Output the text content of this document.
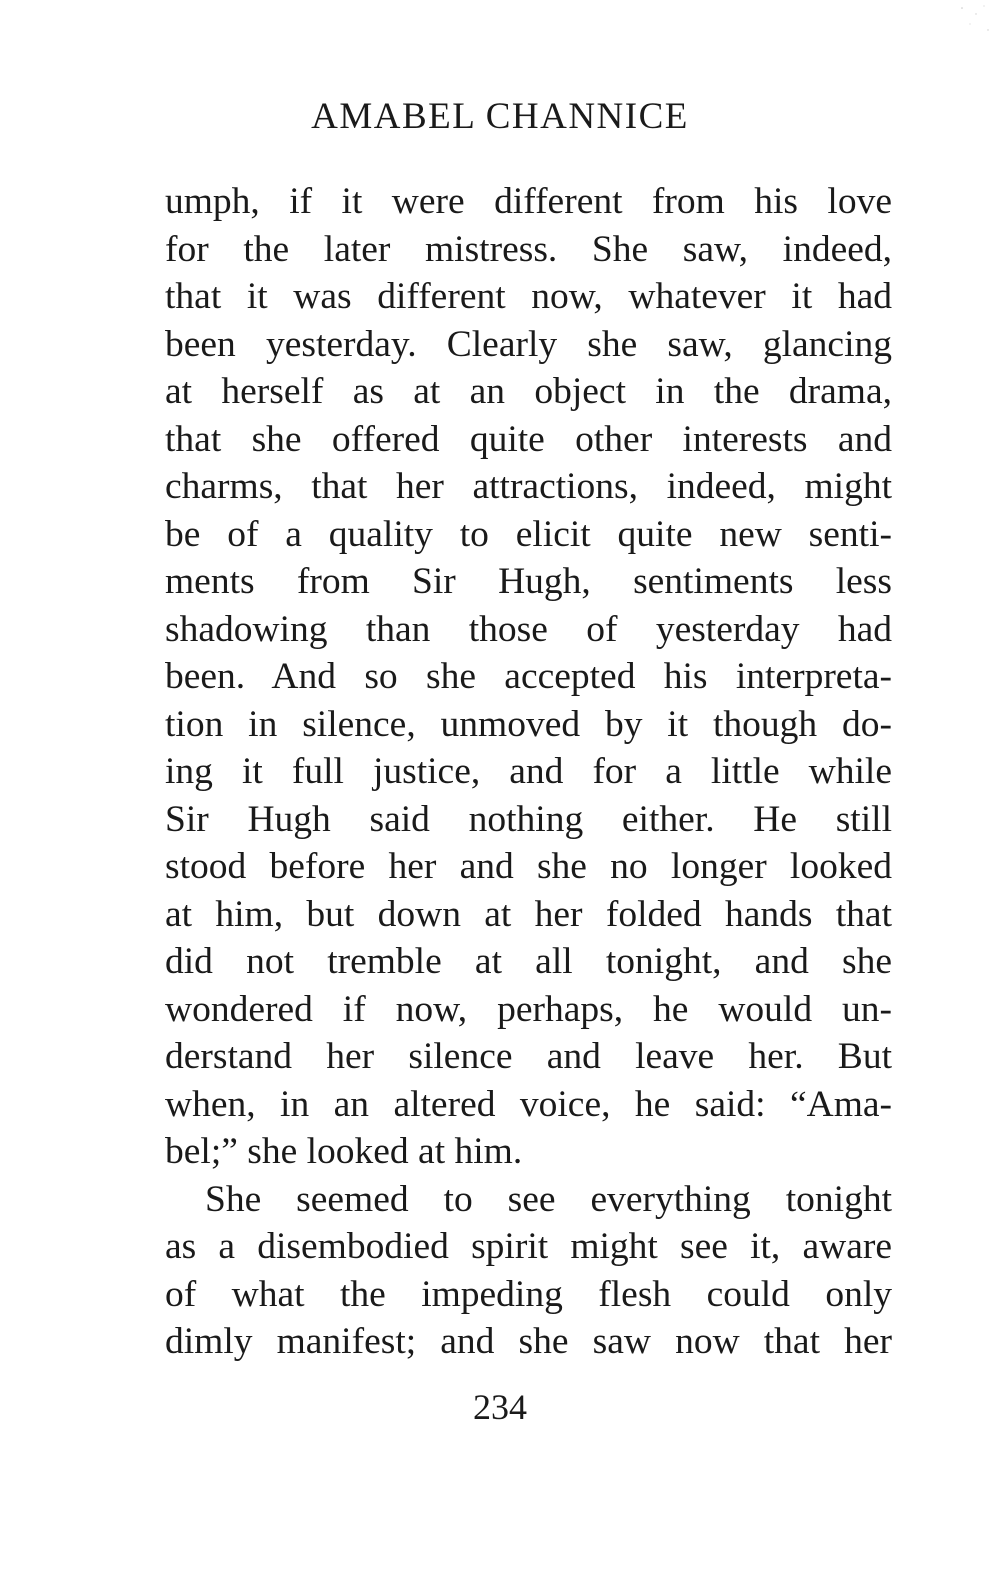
AMABEL CHANNICE
umph, if it were different from his love
for the later mistress. She saw, indeed,
that it was different now, whatever it had
been yesterday. Clearly she saw, glancing
at herself as at an object in the drama,
that she offered quite other interests and
charms, that her attractions, indeed, might
be of a quality to elicit quite new senti-
ments from Sir Hugh, sentiments less
shadowing than those of yesterday had
been. And so she accepted his interpreta-
tion in silence, unmoved by it though do-
ing it full justice, and for a little while
Sir Hugh said nothing either. He still
stood before her and she no longer looked
at him, but down at her folded hands that
did not tremble at all tonight, and she
wondered if now, perhaps, he would un-
derstand her silence and leave her. But
when, in an altered voice, he said: “Ama-
bel;” she looked at him.
She seemed to see everything tonight
as a disembodied spirit might see it, aware
of what the impeding flesh could only
dimly manifest; and she saw now that her
234
